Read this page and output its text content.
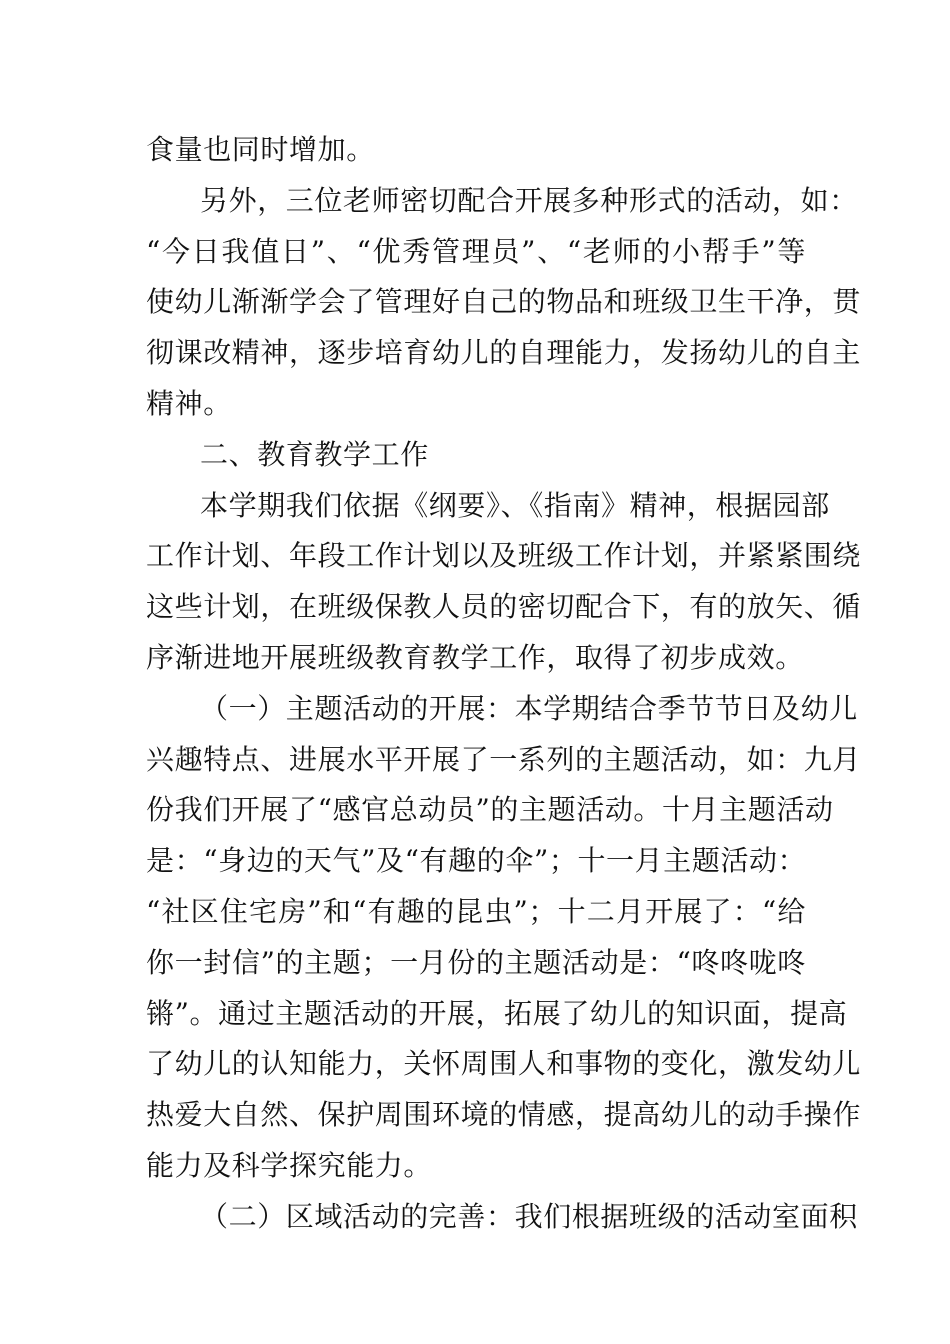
食量也同时增加。

另外，三位老师密切配合开展多种形式的活动，如：
“今日我值日”、“优秀管理员”、“老师的小帮手”等
使幼儿渐渐学会了管理好自己的物品和班级卫生干净，贯
彻课改精神，逐步培育幼儿的自理能力，发扬幼儿的自主
精神。

二、教育教学工作

本学期我们依据《纲要》、《指南》精神，根据园部
工作计划、年段工作计划以及班级工作计划，并紧紧围绕
这些计划，在班级保教人员的密切配合下，有的放矢、循
序渐进地开展班级教育教学工作，取得了初步成效。

（一）主题活动的开展：本学期结合季节节日及幼儿
兴趣特点、进展水平开展了一系列的主题活动，如：九月
份我们开展了“感官总动员”的主题活动。十月主题活动
是：“身边的天气”及“有趣的伞”；十一月主题活动：
“社区住宅房”和“有趣的昆虫”；十二月开展了：“给
你一封信”的主题；一月份的主题活动是：“咚咚咙咚
锵”。通过主题活动的开展，拓展了幼儿的知识面，提高
了幼儿的认知能力，关怀周围人和事物的变化，激发幼儿
热爱大自然、保护周围环境的情感，提高幼儿的动手操作
能力及科学探究能力。

（二）区域活动的完善：我们根据班级的活动室面积
